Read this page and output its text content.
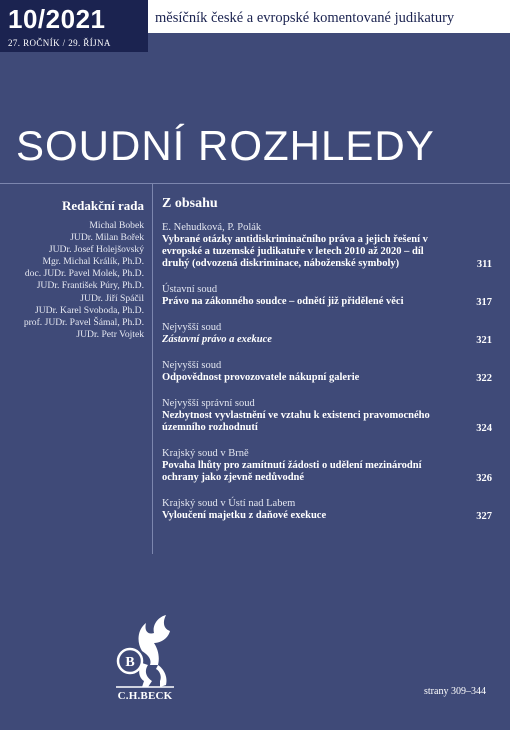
10/2021
27. ROČNÍK / 29. ŘÍJNA
měsíčník české a evropské komentované judikatury
SOUDNÍ ROZHLEDY
Redakční rada
Michal Bobek
JUDr. Milan Bořek
JUDr. Josef Holejšovský
Mgr. Michal Králík, Ph.D.
doc. JUDr. Pavel Molek, Ph.D.
JUDr. František Púry, Ph.D.
JUDr. Jiří Spáčil
JUDr. Karel Svoboda, Ph.D.
prof. JUDr. Pavel Šámal, Ph.D.
JUDr. Petr Vojtek
Z obsahu
E. Nehudková, P. Polák
Vybrané otázky antidiskriminačního práva a jejich řešení v evropské a tuzemské judikatuře v letech 2010 až 2020 – díl druhý (odvozená diskriminace, náboženské symboly)	311
Ústavní soud
Právo na zákonného soudce – odnětí již přidělené věci	317
Nejvyšší soud
Zástavní právo a exekuce	321
Nejvyšší soud
Odpovědnost provozovatele nákupní galerie	322
Nejvyšší správní soud
Nezbytnost vyvlastnění ve vztahu k existenci pravomocného územního rozhodnutí	324
Krajský soud v Brně
Povaha lhůty pro zamítnutí žádosti o udělení mezinárodní ochrany jako zjevně nedůvodné	326
Krajský soud v Ústí nad Labem
Vyloučení majetku z daňové exekuce	327
B
C.H.BECK	strany 309–344
